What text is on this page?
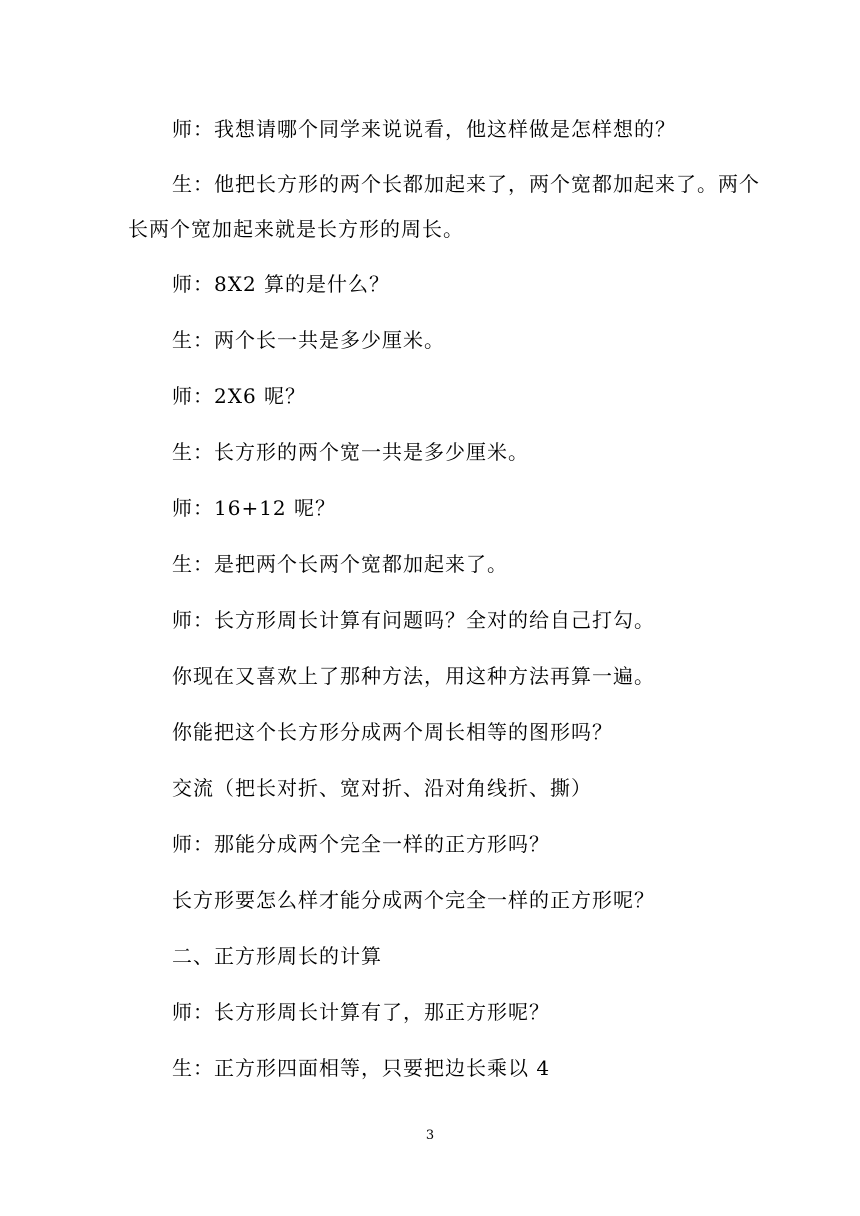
师：我想请哪个同学来说说看，他这样做是怎样想的？
生：他把长方形的两个长都加起来了，两个宽都加起来了。两个
长两个宽加起来就是长方形的周长。
师：8X2 算的是什么？
生：两个长一共是多少厘米。
师：2X6 呢？
生：长方形的两个宽一共是多少厘米。
师：16+12 呢？
生：是把两个长两个宽都加起来了。
师：长方形周长计算有问题吗？全对的给自己打勾。
你现在又喜欢上了那种方法，用这种方法再算一遍。
你能把这个长方形分成两个周长相等的图形吗？
交流（把长对折、宽对折、沿对角线折、撕）
师：那能分成两个完全一样的正方形吗？
长方形要怎么样才能分成两个完全一样的正方形呢？
二、正方形周长的计算
师：长方形周长计算有了，那正方形呢？
生：正方形四面相等，只要把边长乘以 4
3
